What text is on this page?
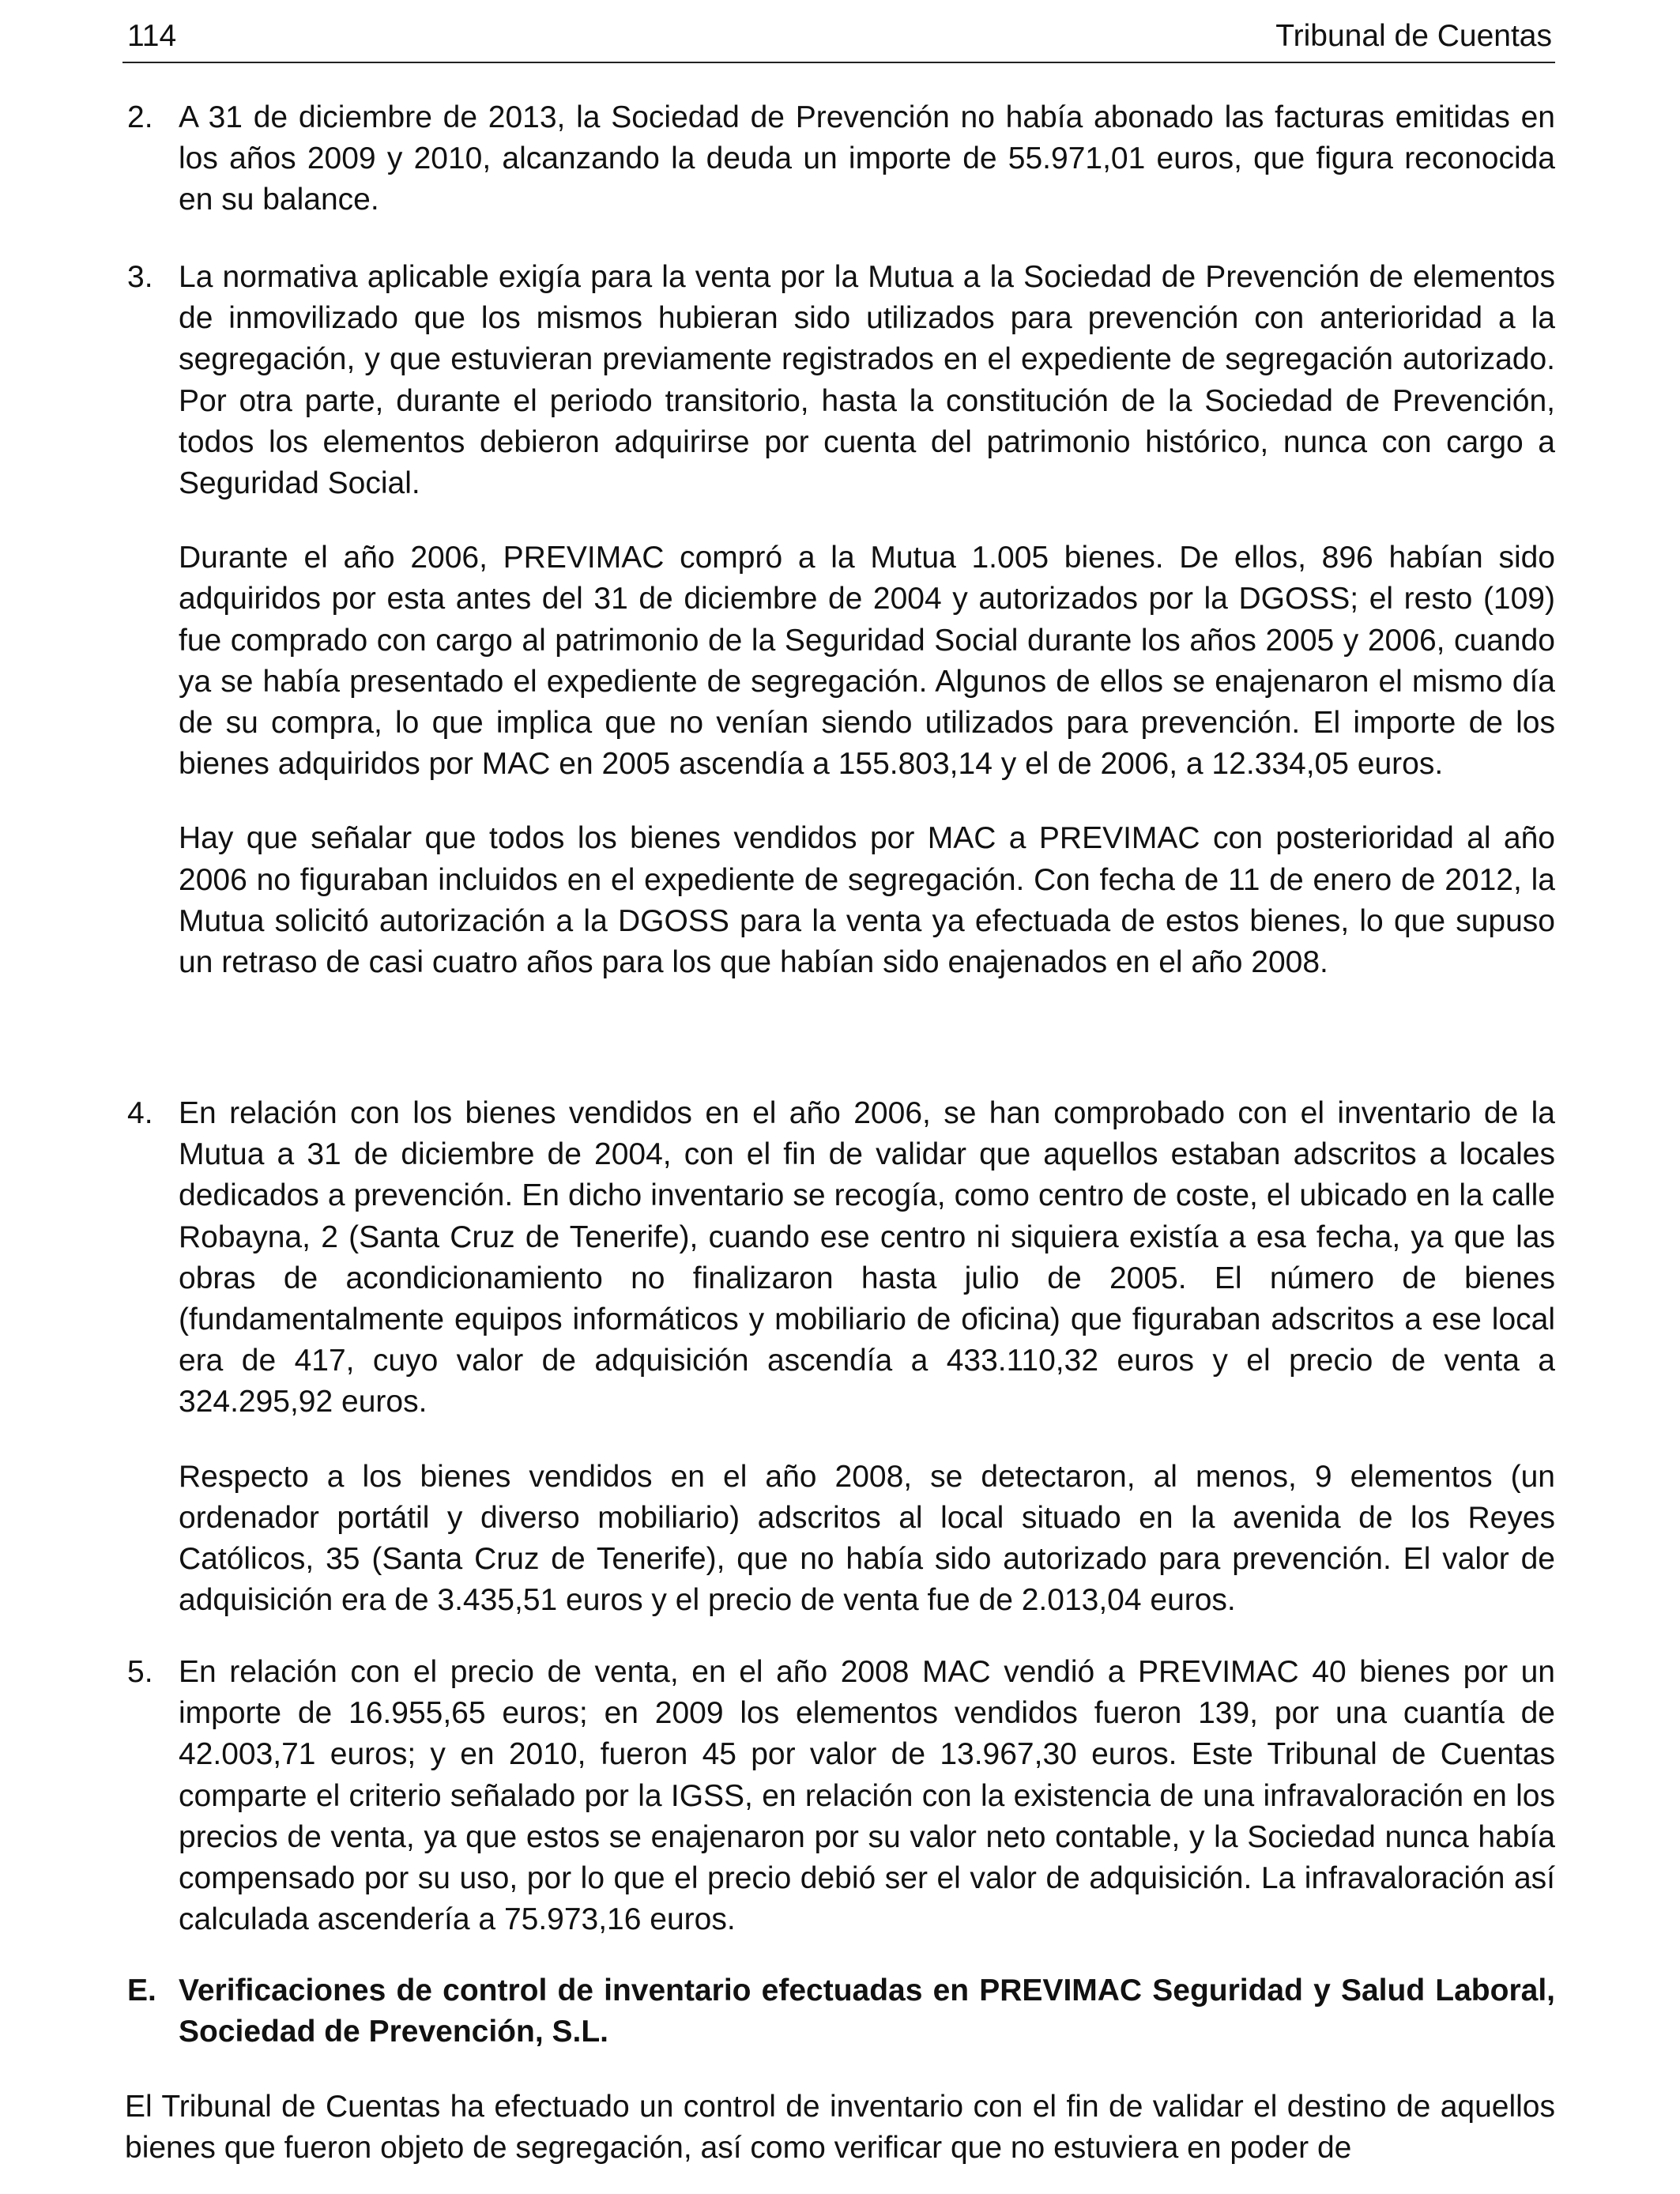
114	Tribunal de Cuentas
2. A 31 de diciembre de 2013, la Sociedad de Prevención no había abonado las facturas emitidas en los años 2009 y 2010, alcanzando la deuda un importe de 55.971,01 euros, que figura reconocida en su balance.

3. La normativa aplicable exigía para la venta por la Mutua a la Sociedad de Prevención de elementos de inmovilizado que los mismos hubieran sido utilizados para prevención con anterioridad a la segregación, y que estuvieran previamente registrados en el expediente de segregación autorizado. Por otra parte, durante el periodo transitorio, hasta la constitución de la Sociedad de Prevención, todos los elementos debieron adquirirse por cuenta del patrimonio histórico, nunca con cargo a Seguridad Social.

Durante el año 2006, PREVIMAC compró a la Mutua 1.005 bienes. De ellos, 896 habían sido adquiridos por esta antes del 31 de diciembre de 2004 y autorizados por la DGOSS; el resto (109) fue comprado con cargo al patrimonio de la Seguridad Social durante los años 2005 y 2006, cuando ya se había presentado el expediente de segregación. Algunos de ellos se enajenaron el mismo día de su compra, lo que implica que no venían siendo utilizados para prevención. El importe de los bienes adquiridos por MAC en 2005 ascendía a 155.803,14 y el de 2006, a 12.334,05 euros.

Hay que señalar que todos los bienes vendidos por MAC a PREVIMAC con posterioridad al año 2006 no figuraban incluidos en el expediente de segregación. Con fecha de 11 de enero de 2012, la Mutua solicitó autorización a la DGOSS para la venta ya efectuada de estos bienes, lo que supuso un retraso de casi cuatro años para los que habían sido enajenados en el año 2008.

4. En relación con los bienes vendidos en el año 2006, se han comprobado con el inventario de la Mutua a 31 de diciembre de 2004, con el fin de validar que aquellos estaban adscritos a locales dedicados a prevención. En dicho inventario se recogía, como centro de coste, el ubicado en la calle Robayna, 2 (Santa Cruz de Tenerife), cuando ese centro ni siquiera existía a esa fecha, ya que las obras de acondicionamiento no finalizaron hasta julio de 2005. El número de bienes (fundamentalmente equipos informáticos y mobiliario de oficina) que figuraban adscritos a ese local era de 417, cuyo valor de adquisición ascendía a 433.110,32 euros y el precio de venta a 324.295,92 euros.

Respecto a los bienes vendidos en el año 2008, se detectaron, al menos, 9 elementos (un ordenador portátil y diverso mobiliario) adscritos al local situado en la avenida de los Reyes Católicos, 35 (Santa Cruz de Tenerife), que no había sido autorizado para prevención. El valor de adquisición era de 3.435,51 euros y el precio de venta fue de 2.013,04 euros.

5. En relación con el precio de venta, en el año 2008 MAC vendió a PREVIMAC 40 bienes por un importe de 16.955,65 euros; en 2009 los elementos vendidos fueron 139, por una cuantía de 42.003,71 euros; y en 2010, fueron 45 por valor de 13.967,30 euros. Este Tribunal de Cuentas comparte el criterio señalado por la IGSS, en relación con la existencia de una infravaloración en los precios de venta, ya que estos se enajenaron por su valor neto contable, y la Sociedad nunca había compensado por su uso, por lo que el precio debió ser el valor de adquisición. La infravaloración así calculada ascendería a 75.973,16 euros.

E. Verificaciones de control de inventario efectuadas en PREVIMAC Seguridad y Salud Laboral, Sociedad de Prevención, S.L.

El Tribunal de Cuentas ha efectuado un control de inventario con el fin de validar el destino de aquellos bienes que fueron objeto de segregación, así como verificar que no estuviera en poder de
